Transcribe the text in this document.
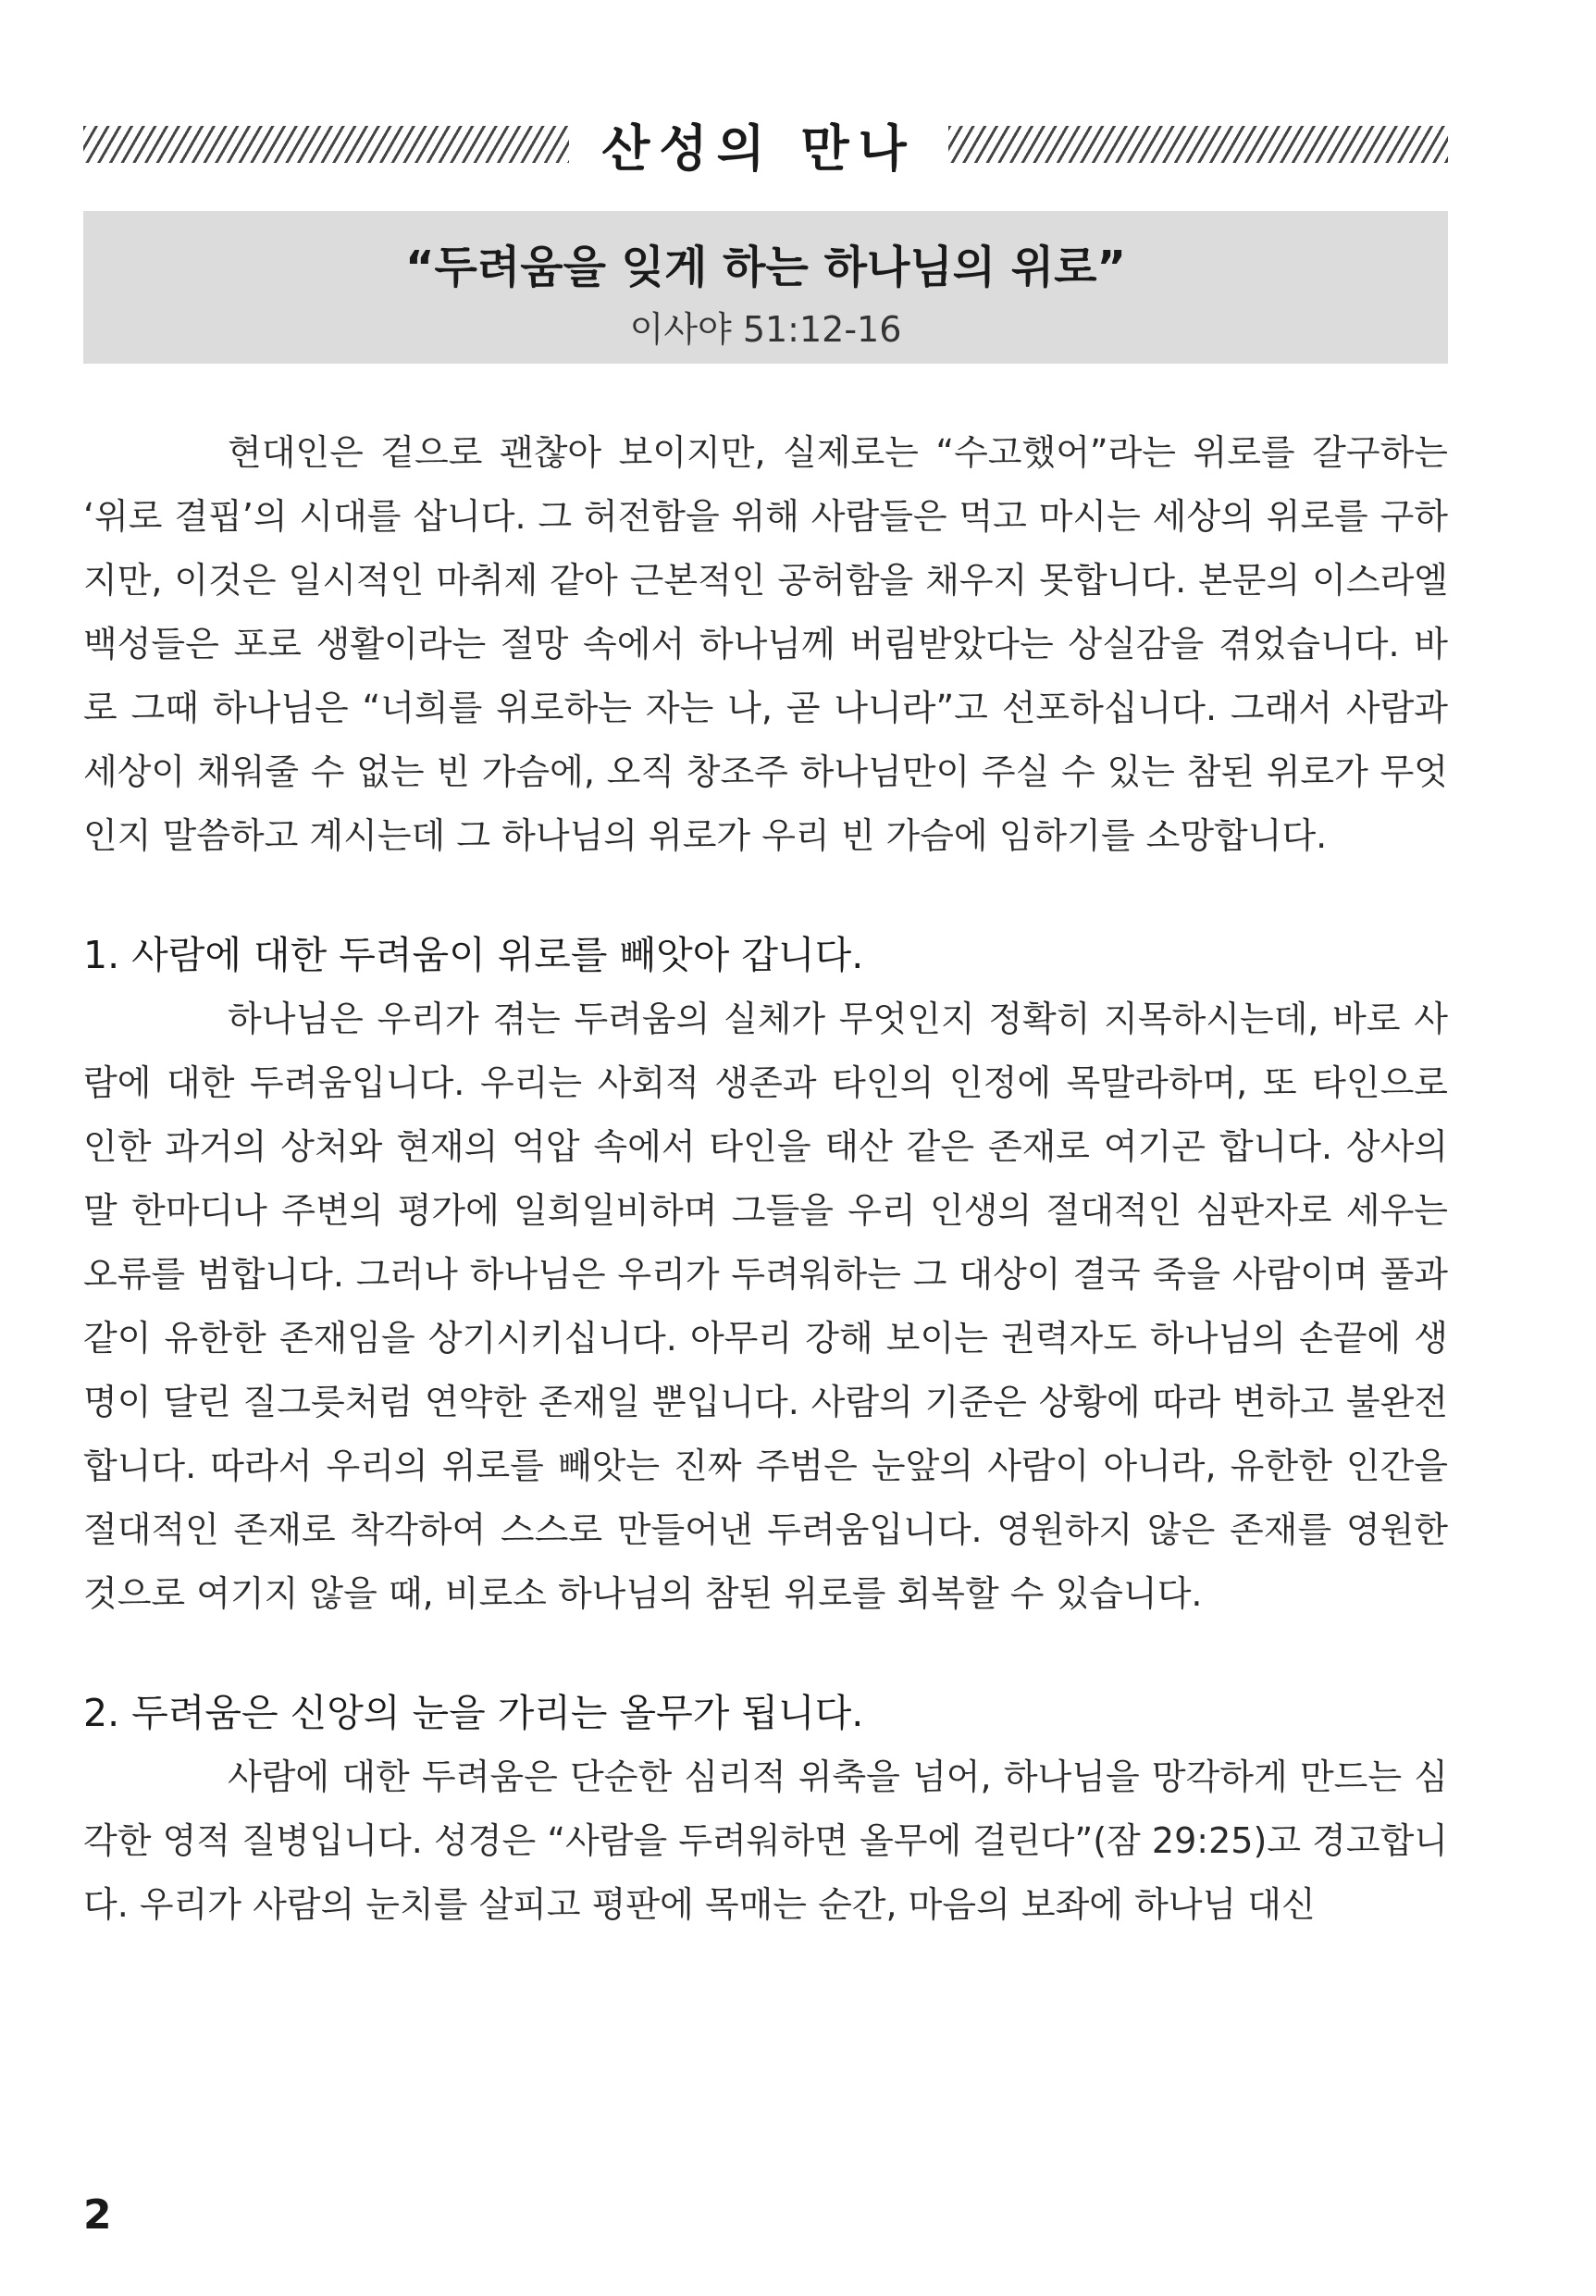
산성의 만나
“두려움을 잊게 하는 하나님의 위로”
이사야 51:12-16

현대인은 겉으로 괜찮아 보이지만, 실제로는 “수고했어”라는 위로를 갈구하는 ‘위로 결핍’의 시대를 삽니다. 그 허전함을 위해 사람들은 먹고 마시는 세상의 위로를 구하지만, 이것은 일시적인 마취제 같아 근본적인 공허함을 채우지 못합니다. 본문의 이스라엘 백성들은 포로 생활이라는 절망 속에서 하나님께 버림받았다는 상실감을 겪었습니다. 바로 그때 하나님은 “너희를 위로하는 자는 나, 곧 나니라”고 선포하십니다. 그래서 사람과 세상이 채워줄 수 없는 빈 가슴에, 오직 창조주 하나님만이 주실 수 있는 참된 위로가 무엇인지 말씀하고 계시는데 그 하나님의 위로가 우리 빈 가슴에 임하기를 소망합니다.

1. 사람에 대한 두려움이 위로를 빼앗아 갑니다.

하나님은 우리가 겪는 두려움의 실체가 무엇인지 정확히 지목하시는데, 바로 사람에 대한 두려움입니다. 우리는 사회적 생존과 타인의 인정에 목말라하며, 또 타인으로 인한 과거의 상처와 현재의 억압 속에서 타인을 태산 같은 존재로 여기곤 합니다. 상사의 말 한마디나 주변의 평가에 일희일비하며 그들을 우리 인생의 절대적인 심판자로 세우는 오류를 범합니다. 그러나 하나님은 우리가 두려워하는 그 대상이 결국 죽을 사람이며 풀과 같이 유한한 존재임을 상기시키십니다. 아무리 강해 보이는 권력자도 하나님의 손끝에 생명이 달린 질그릇처럼 연약한 존재일 뿐입니다. 사람의 기준은 상황에 따라 변하고 불완전합니다. 따라서 우리의 위로를 빼앗는 진짜 주범은 눈앞의 사람이 아니라, 유한한 인간을 절대적인 존재로 착각하여 스스로 만들어낸 두려움입니다. 영원하지 않은 존재를 영원한 것으로 여기지 않을 때, 비로소 하나님의 참된 위로를 회복할 수 있습니다.

2. 두려움은 신앙의 눈을 가리는 올무가 됩니다.

사람에 대한 두려움은 단순한 심리적 위축을 넘어, 하나님을 망각하게 만드는 심각한 영적 질병입니다. 성경은 “사람을 두려워하면 올무에 걸린다”(잠 29:25)고 경고합니다. 우리가 사람의 눈치를 살피고 평판에 목매는 순간, 마음의 보좌에 하나님 대신

2
